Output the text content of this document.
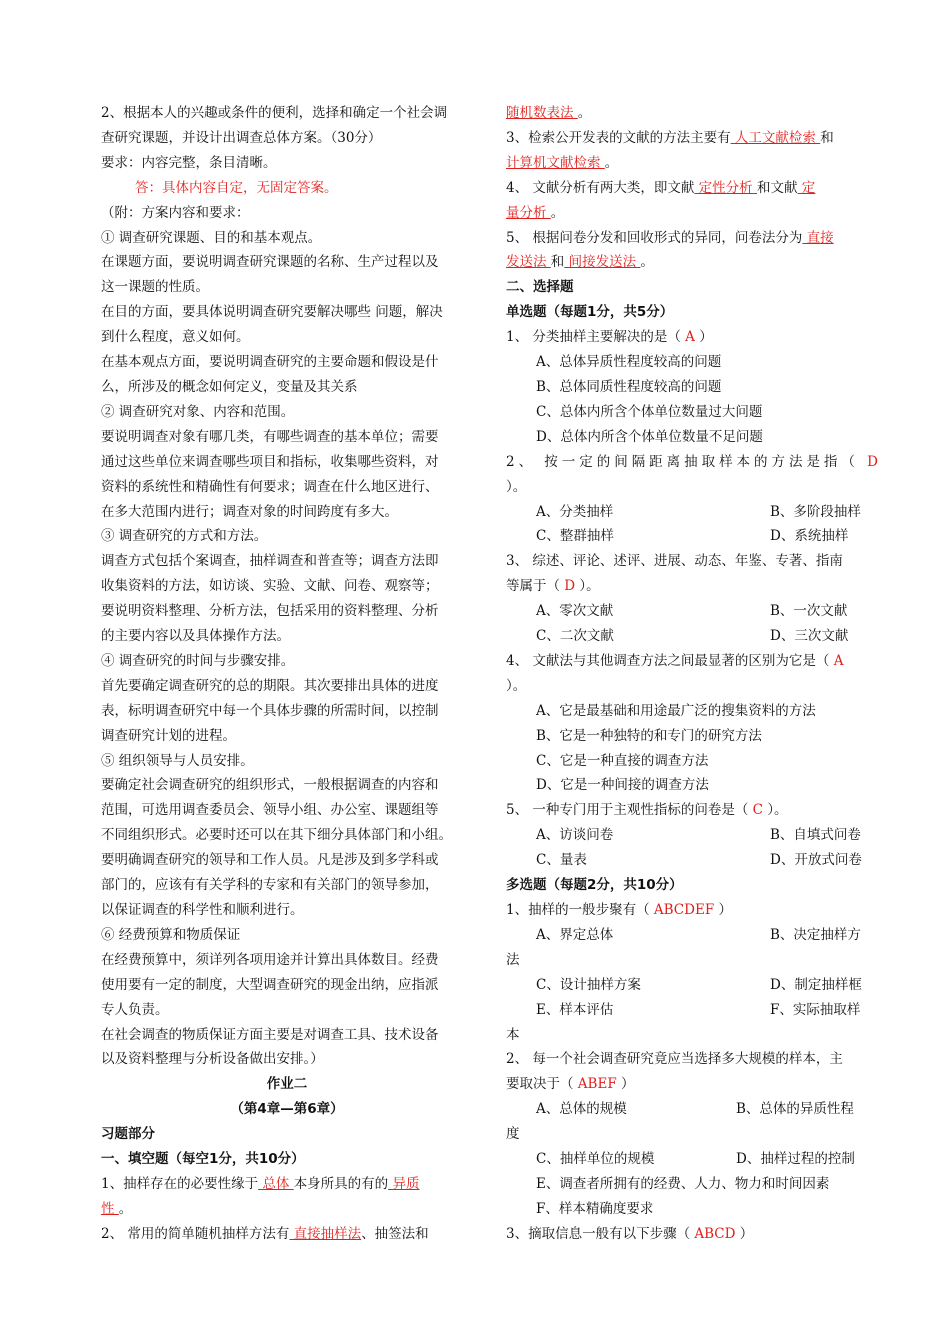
2、根据本人的兴趣或条件的便利，选择和确定一个社会调

查研究课题，并设计出调查总体方案。（30分）

要求：内容完整，条目清晰。

答：具体内容自定，无固定答案。

（附：方案内容和要求：

① 调查研究课题、目的和基本观点。

在课题方面，要说明调查研究课题的名称、生产过程以及

这一课题的性质。

在目的方面，要具体说明调查研究要解决哪些 问题，解决

到什么程度，意义如何。

在基本观点方面，要说明调查研究的主要命题和假设是什

么，所涉及的概念如何定义，变量及其关系

② 调查研究对象、内容和范围。

要说明调查对象有哪几类，有哪些调查的基本单位；需要

通过这些单位来调查哪些项目和指标，收集哪些资料，对

资料的系统性和精确性有何要求；调查在什么地区进行、

在多大范围内进行；调查对象的时间跨度有多大。

③ 调查研究的方式和方法。

调查方式包括个案调查，抽样调查和普查等；调查方法即

收集资料的方法，如访谈、实验、文献、问卷、观察等；

要说明资料整理、分析方法，包括采用的资料整理、分析

的主要内容以及具体操作方法。

④ 调查研究的时间与步骤安排。

首先要确定调查研究的总的期限。其次要排出具体的进度

表，标明调查研究中每一个具体步骤的所需时间，以控制

调查研究计划的进程。

⑤ 组织领导与人员安排。

要确定社会调查研究的组织形式，一般根据调查的内容和

范围，可选用调查委员会、领导小组、办公室、课题组等

不同组织形式。必要时还可以在其下细分具体部门和小组。

要明确调查研究的领导和工作人员。凡是涉及到多学科或

部门的，应该有有关学科的专家和有关部门的领导参加，

以保证调查的科学性和顺利进行。

⑥ 经费预算和物质保证

在经费预算中，须详列各项用途并计算出具体数目。经费

使用要有一定的制度，大型调查研究的现金出纳，应指派

专人负责。

在社会调查的物质保证方面主要是对调查工具、技术设备

以及资料整理与分析设备做出安排。）

作业二

（第4章—第6章）

习题部分

一、填空题（每空1分，共10分）

1、抽样存在的必要性缘于 总体 本身所具的有的 异质

性 。

2、 常用的简单随机抽样方法有 直接抽样法、抽签法和

随机数表法 。

3、检索公开发表的文献的方法主要有 人工文献检索 和

计算机文献检索 。

4、 文献分析有两大类，即文献 定性分析 和文献 定

量分析 。

5、 根据问卷分发和回收形式的异同，问卷法分为 直接

发送法 和 间接发送法 。

二、选择题

单选题（每题1分，共5分）

1、 分类抽样主要解决的是（ A ）

A、总体异质性程度较高的问题

B、总体同质性程度较高的问题

C、总体内所含个体单位数量过大问题

D、总体内所含个体单位数量不足问题

2、 按一定的间隔距离抽取样本的方法是指（ D

）。

A、分类抽样	B、多阶段抽样
C、整群抽样	D、系统抽样

3、 综述、评论、述评、进展、动态、年鉴、专著、指南

等属于（ D ）。

A、零次文献	B、一次文献
C、二次文献	D、三次文献

4、 文献法与其他调查方法之间最显著的区别为它是（ A

）。

A、它是最基础和用途最广泛的搜集资料的方法

B、它是一种独特的和专门的研究方法

C、它是一种直接的调查方法

D、它是一种间接的调查方法

5、 一种专门用于主观性指标的问卷是（ C ）。

A、访谈问卷	B、自填式问卷
C、量表	D、开放式问卷

多选题（每题2分，共10分）

1、抽样的一般步聚有（ ABCDEF ）

A、界定总体	B、决定抽样方

法

C、设计抽样方案	D、制定抽样框
E、样本评估	F、实际抽取样

本

2、 每一个社会调查研究竟应当选择多大规模的样本，主

要取决于（ ABEF ）

A、总体的规模	B、总体的异质性程

度

C、抽样单位的规模	D、抽样过程的控制

E、调查者所拥有的经费、人力、物力和时间因素

F、样本精确度要求

3、摘取信息一般有以下步骤（ ABCD ）
